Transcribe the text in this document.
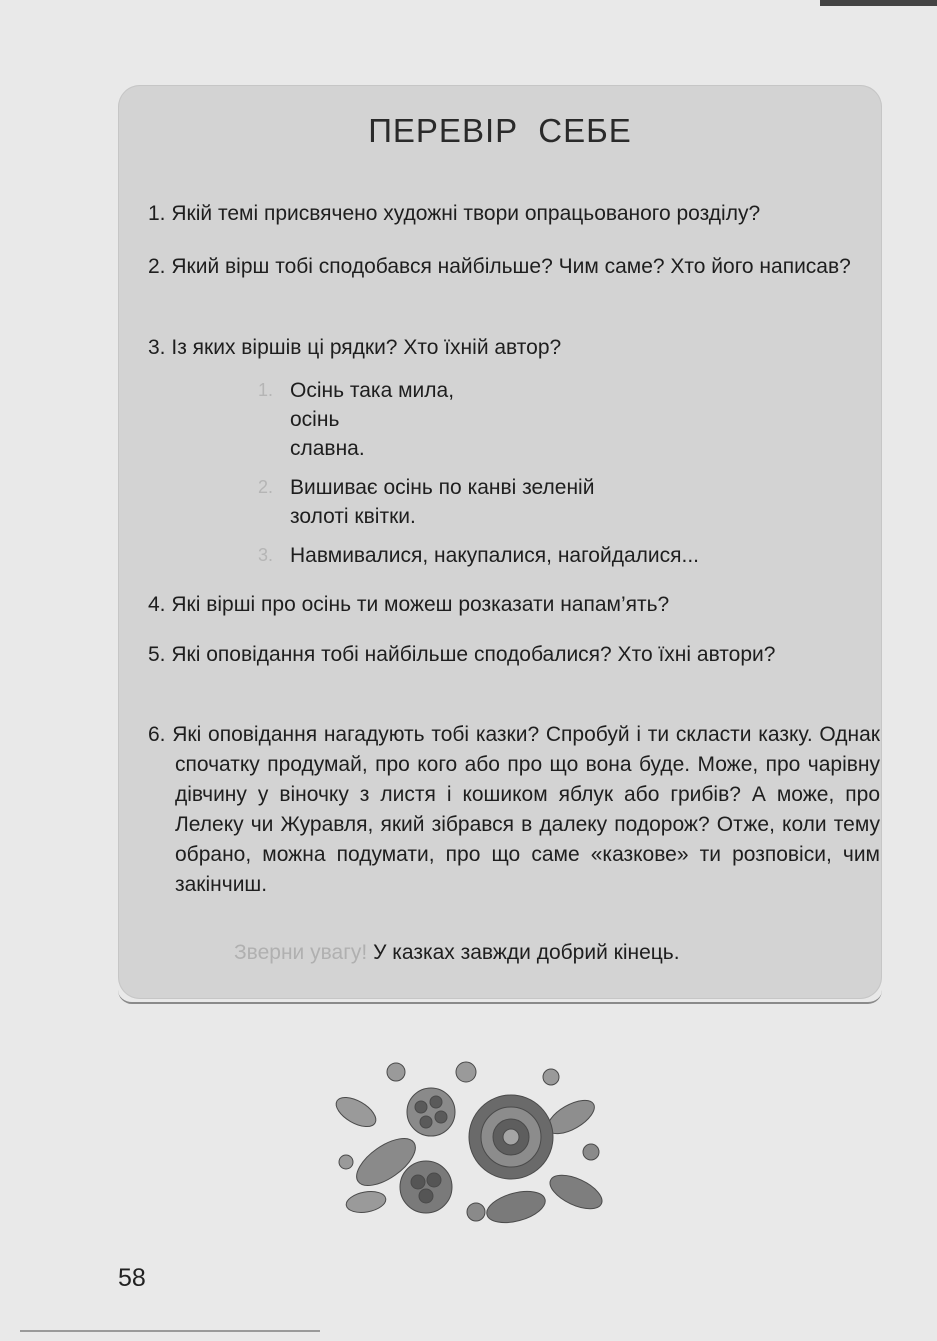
ПЕРЕВІР СЕБЕ
1. Якій темі присвячено художні твори опрацьованого розділу?
2. Який вірш тобі сподобався найбільше? Чим саме? Хто його написав?
3. Із яких віршів ці рядки? Хто їхній автор?
1. Осінь така мила,
осінь
славна.
2. Вишиває осінь по канві зеленій
золоті квітки.
3. Навмивалися, накупалися, нагойдалися...
4. Які вірші про осінь ти можеш розказати напам’ять?
5. Які оповідання тобі найбільше сподобалися? Хто їхні автори?
6. Які оповідання нагадують тобі казки? Спробуй і ти скласти казку. Однак спочатку продумай, про кого або про що вона буде. Може, про чарівну дівчину у віночку з листя і кошиком яблук або грибів? А може, про Лелеку чи Журавля, який зібрався в далеку подорож? Отже, коли тему обрано, можна подумати, про що саме «казкове» ти розповіси, чим закінчиш.
Зверни увагу! У казках завжди добрий кінець.
58
